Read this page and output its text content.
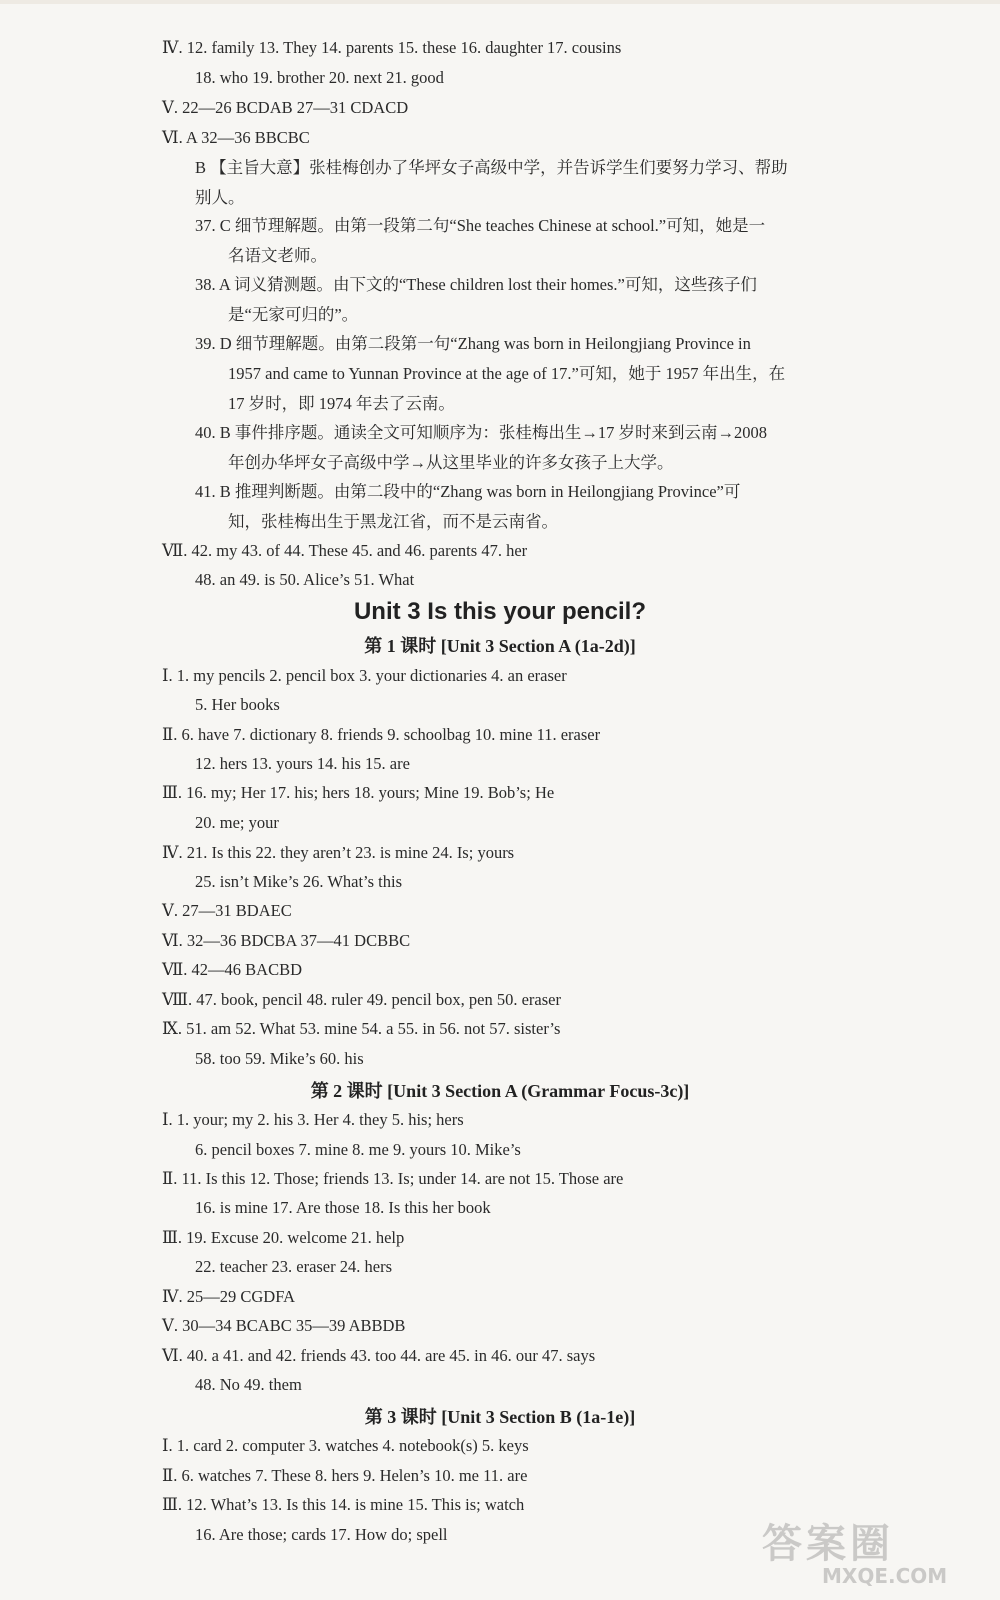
Ⅳ. 12. family 13. They 14. parents 15. these 16. daughter 17. cousins
18. who 19. brother 20. next 21. good
Ⅴ. 22—26 BCDAB 27—31 CDACD
Ⅵ. A 32—36 BBCBC
B 【主旨大意】张桂梅创办了华坪女子高级中学，并告诉学生们要努力学习、帮助
别人。
37. C 细节理解题。由第一段第二句“She teaches Chinese at school.”可知，她是一
名语文老师。
38. A 词义猜测题。由下文的“These children lost their homes.”可知，这些孩子们
是“无家可归的”。
39. D 细节理解题。由第二段第一句“Zhang was born in Heilongjiang Province in
1957 and came to Yunnan Province at the age of 17.”可知，她于 1957 年出生，在
17 岁时，即 1974 年去了云南。
40. B 事件排序题。通读全文可知顺序为：张桂梅出生→17 岁时来到云南→2008
年创办华坪女子高级中学→从这里毕业的许多女孩子上大学。
41. B 推理判断题。由第二段中的“Zhang was born in Heilongjiang Province”可
知，张桂梅出生于黑龙江省，而不是云南省。
Ⅶ. 42. my 43. of 44. These 45. and 46. parents 47. her
48. an 49. is 50. Alice’s 51. What
Unit 3 Is this your pencil?
第 1 课时 [Unit 3 Section A (1a-2d)]
Ⅰ. 1. my pencils 2. pencil box 3. your dictionaries 4. an eraser
5. Her books
Ⅱ. 6. have 7. dictionary 8. friends 9. schoolbag 10. mine 11. eraser
12. hers 13. yours 14. his 15. are
Ⅲ. 16. my; Her 17. his; hers 18. yours; Mine 19. Bob’s; He
20. me; your
Ⅳ. 21. Is this 22. they aren’t 23. is mine 24. Is; yours
25. isn’t Mike’s 26. What’s this
Ⅴ. 27—31 BDAEC
Ⅵ. 32—36 BDCBA 37—41 DCBBC
Ⅶ. 42—46 BACBD
Ⅷ. 47. book, pencil 48. ruler 49. pencil box, pen 50. eraser
Ⅸ. 51. am 52. What 53. mine 54. a 55. in 56. not 57. sister’s
58. too 59. Mike’s 60. his
第 2 课时 [Unit 3 Section A (Grammar Focus-3c)]
Ⅰ. 1. your; my 2. his 3. Her 4. they 5. his; hers
6. pencil boxes 7. mine 8. me 9. yours 10. Mike’s
Ⅱ. 11. Is this 12. Those; friends 13. Is; under 14. are not 15. Those are
16. is mine 17. Are those 18. Is this her book
Ⅲ. 19. Excuse 20. welcome 21. help
22. teacher 23. eraser 24. hers
Ⅳ. 25—29 CGDFA
Ⅴ. 30—34 BCABC 35—39 ABBDB
Ⅵ. 40. a 41. and 42. friends 43. too 44. are 45. in 46. our 47. says
48. No 49. them
第 3 课时 [Unit 3 Section B (1a-1e)]
Ⅰ. 1. card 2. computer 3. watches 4. notebook(s) 5. keys
Ⅱ. 6. watches 7. These 8. hers 9. Helen’s 10. me 11. are
Ⅲ. 12. What’s 13. Is this 14. is mine 15. This is; watch
16. Are those; cards 17. How do; spell	答案圈
MXQE.COM
